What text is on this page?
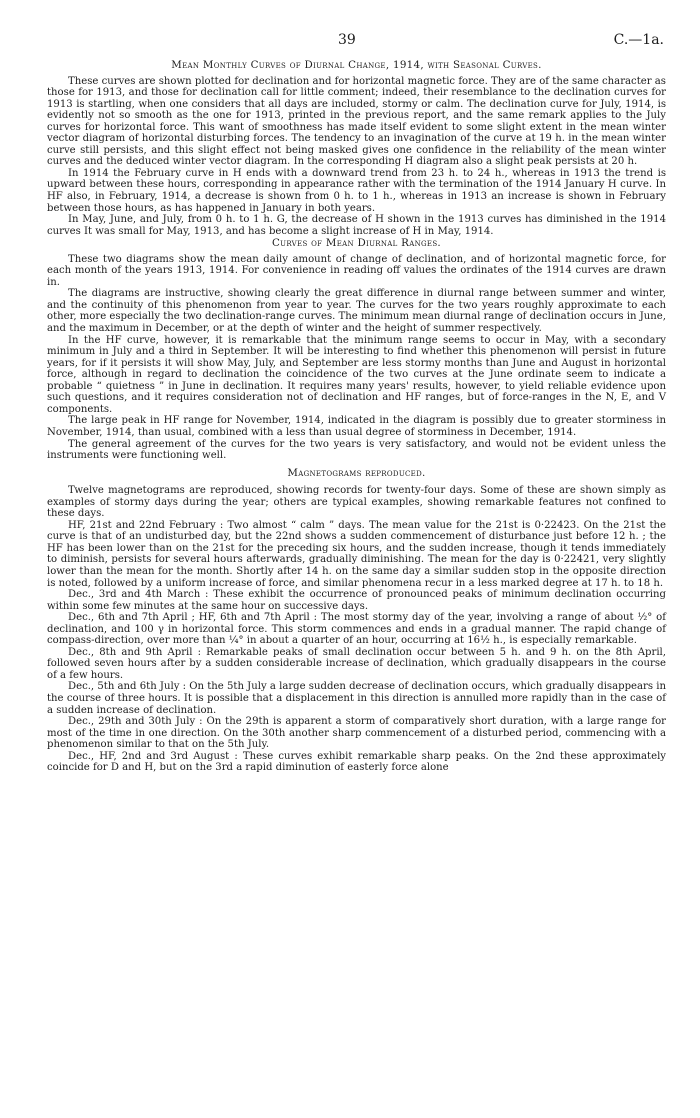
39	C.—1a.
Mean Monthly Curves of Diurnal Change, 1914, with Seasonal Curves.

These curves are shown plotted for declination and for horizontal magnetic force. They are of the same character as those for 1913, and those for declination call for little comment; indeed, their resemblance to the declination curves for 1913 is startling, when one considers that all days are included, stormy or calm. The declination curve for July, 1914, is evidently not so smooth as the one for 1913, printed in the previous report, and the same remark applies to the July curves for horizontal force. This want of smoothness has made itself evident to some slight extent in the mean winter vector diagram of horizontal disturbing forces. The tendency to an invagination of the curve at 19 h. in the mean winter curve still persists, and this slight effect not being masked gives one confidence in the reliability of the mean winter curves and the deduced winter vector diagram. In the corresponding H diagram also a slight peak persists at 20 h.

In 1914 the February curve in H ends with a downward trend from 23 h. to 24 h., whereas in 1913 the trend is upward between these hours, corresponding in appearance rather with the termination of the 1914 January H curve. In HF also, in February, 1914, a decrease is shown from 0 h. to 1 h., whereas in 1913 an increase is shown in February between those hours, as has happened in January in both years.

In May, June, and July, from 0 h. to 1 h. G, the decrease of H shown in the 1913 curves has diminished in the 1914 curves It was small for May, 1913, and has become a slight increase of H in May, 1914.

Curves of Mean Diurnal Ranges.

These two diagrams show the mean daily amount of change of declination, and of horizontal magnetic force, for each month of the years 1913, 1914. For convenience in reading off values the ordinates of the 1914 curves are drawn in.

The diagrams are instructive, showing clearly the great difference in diurnal range between summer and winter, and the continuity of this phenomenon from year to year. The curves for the two years roughly approximate to each other, more especially the two declination-range curves. The minimum mean diurnal range of declination occurs in June, and the maximum in December, or at the depth of winter and the height of summer respectively.

In the HF curve, however, it is remarkable that the minimum range seems to occur in May, with a secondary minimum in July and a third in September. It will be interesting to find whether this phenomenon will persist in future years, for if it persists it will show May, July, and September are less stormy months than June and August in horizontal force, although in regard to declination the coincidence of the two curves at the June ordinate seem to indicate a probable “ quietness ” in June in declination. It requires many years' results, however, to yield reliable evidence upon such questions, and it requires consideration not of declination and HF ranges, but of force-ranges in the N, E, and V components.

The large peak in HF range for November, 1914, indicated in the diagram is possibly due to greater storminess in November, 1914, than usual, combined with a less than usual degree of storminess in December, 1914.

The general agreement of the curves for the two years is very satisfactory, and would not be evident unless the instruments were functioning well.

Magnetograms reproduced.

Twelve magnetograms are reproduced, showing records for twenty-four days. Some of these are shown simply as examples of stormy days during the year; others are typical examples, showing remarkable features not confined to these days.

HF, 21st and 22nd February : Two almost “ calm ” days. The mean value for the 21st is 0·22423. On the 21st the curve is that of an undisturbed day, but the 22nd shows a sudden commencement of disturbance just before 12 h. ; the HF has been lower than on the 21st for the preceding six hours, and the sudden increase, though it tends immediately to diminish, persists for several hours afterwards, gradually diminishing. The mean for the day is 0·22421, very slightly lower than the mean for the month. Shortly after 14 h. on the same day a similar sudden stop in the opposite direction is noted, followed by a uniform increase of force, and similar phenomena recur in a less marked degree at 17 h. to 18 h.

Dec., 3rd and 4th March : These exhibit the occurrence of pronounced peaks of minimum declination occurring within some few minutes at the same hour on successive days.

Dec., 6th and 7th April ; HF, 6th and 7th April : The most stormy day of the year, involving a range of about ½° of declination, and 100 γ in horizontal force. This storm commences and ends in a gradual manner. The rapid change of compass-direction, over more than ¼° in about a quarter of an hour, occurring at 16½ h., is especially remarkable.

Dec., 8th and 9th April : Remarkable peaks of small declination occur between 5 h. and 9 h. on the 8th April, followed seven hours after by a sudden considerable increase of declination, which gradually disappears in the course of a few hours.

Dec., 5th and 6th July : On the 5th July a large sudden decrease of declination occurs, which gradually disappears in the course of three hours. It is possible that a displacement in this direction is annulled more rapidly than in the case of a sudden increase of declination.

Dec., 29th and 30th July : On the 29th is apparent a storm of comparatively short duration, with a large range for most of the time in one direction. On the 30th another sharp commencement of a disturbed period, commencing with a phenomenon similar to that on the 5th July.

Dec., HF, 2nd and 3rd August : These curves exhibit remarkable sharp peaks. On the 2nd these approximately coincide for D and H, but on the 3rd a rapid diminution of easterly force alone
